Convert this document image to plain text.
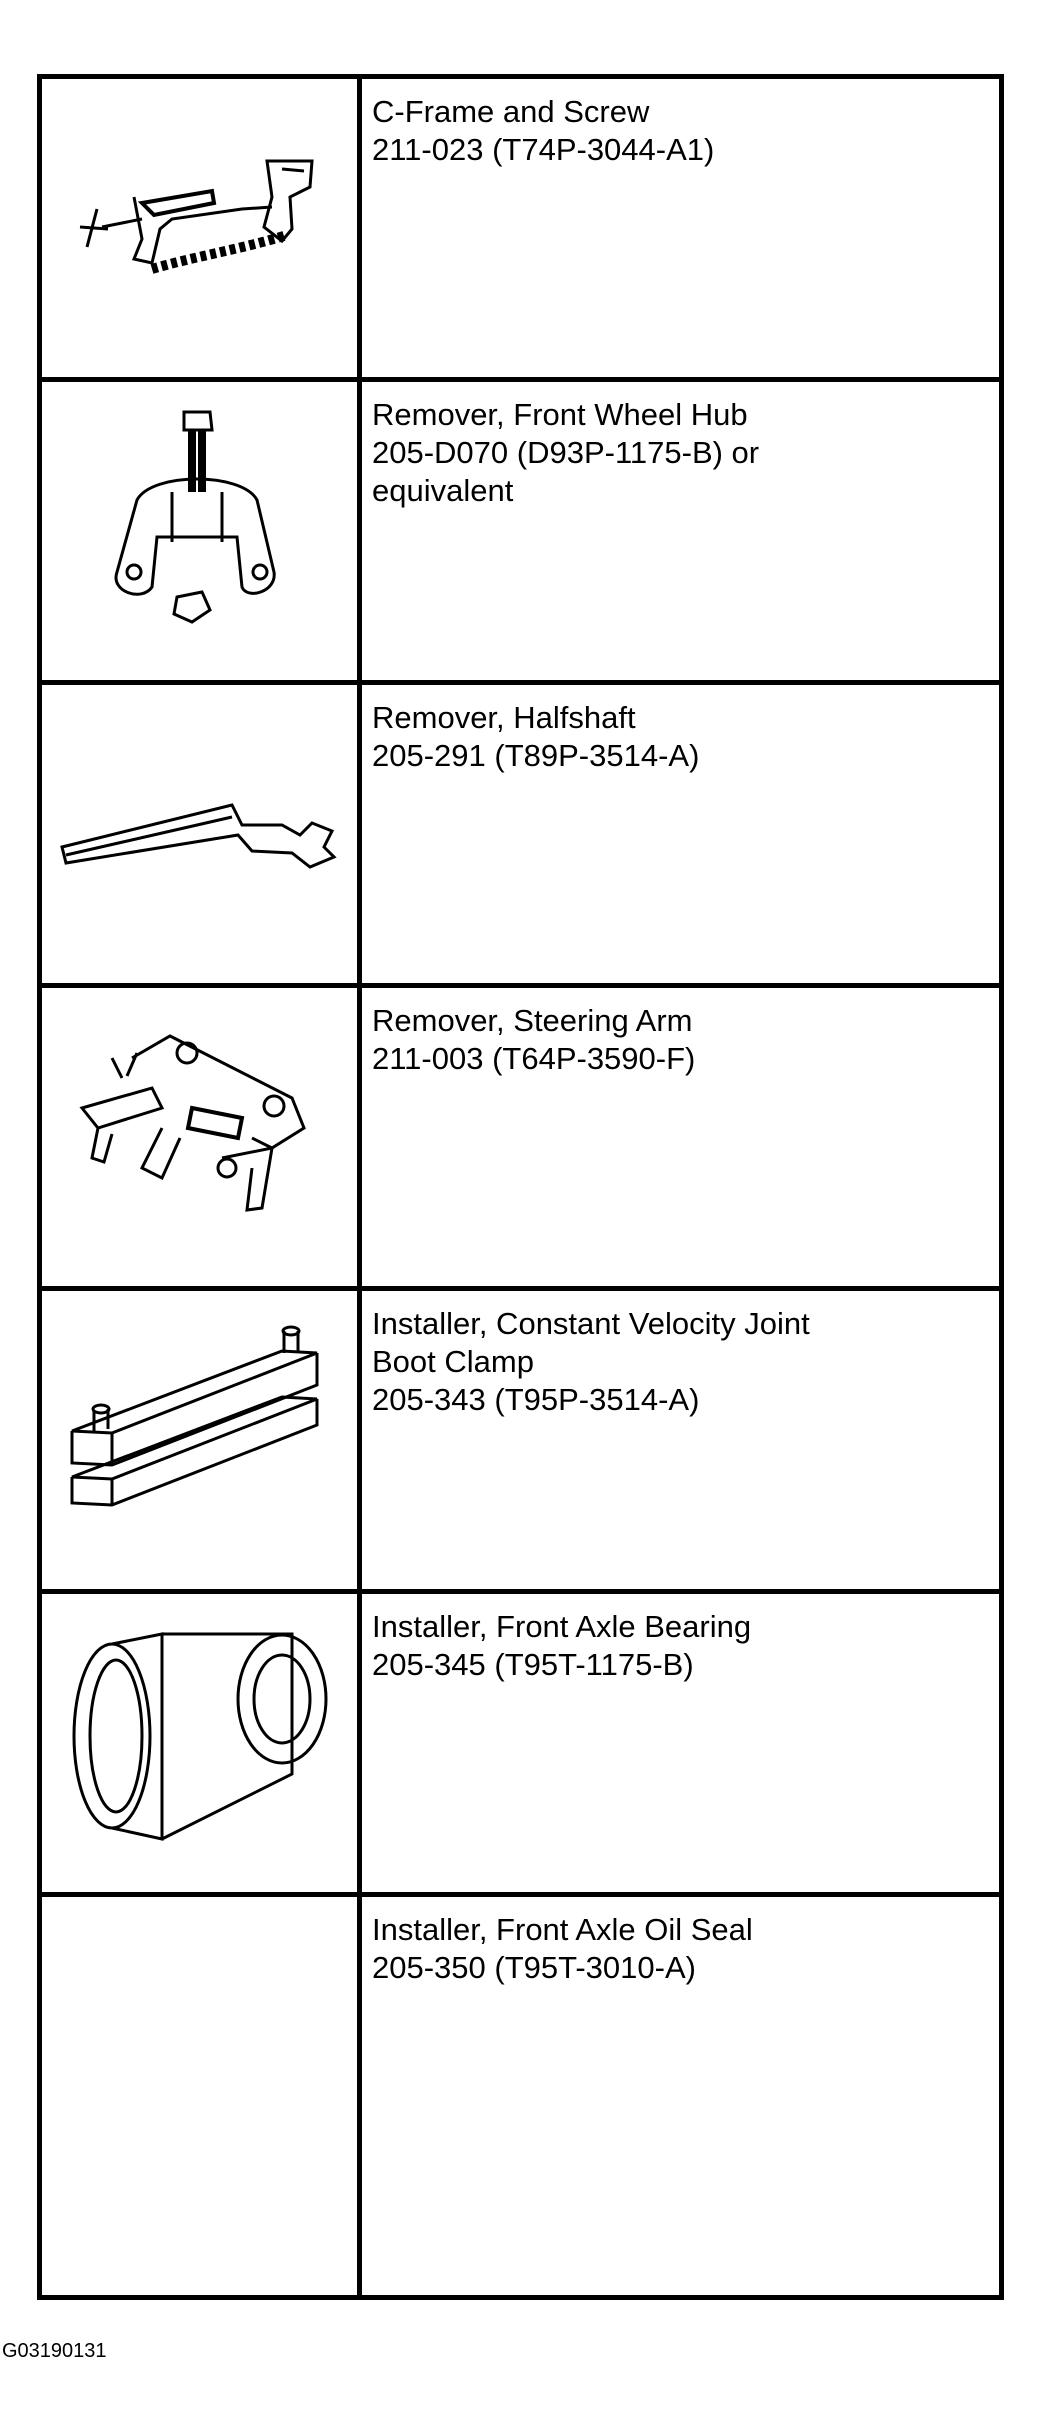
C-Frame and Screw
211-023 (T74P-3044-A1)
Remover, Front Wheel Hub
205-D070 (D93P-1175-B) or
equivalent
Remover, Halfshaft
205-291 (T89P-3514-A)
Remover, Steering Arm
211-003 (T64P-3590-F)
Installer, Constant Velocity Joint
Boot Clamp
205-343 (T95P-3514-A)
Installer, Front Axle Bearing
205-345 (T95T-1175-B)
Installer, Front Axle Oil Seal
205-350 (T95T-3010-A)
G03190131
